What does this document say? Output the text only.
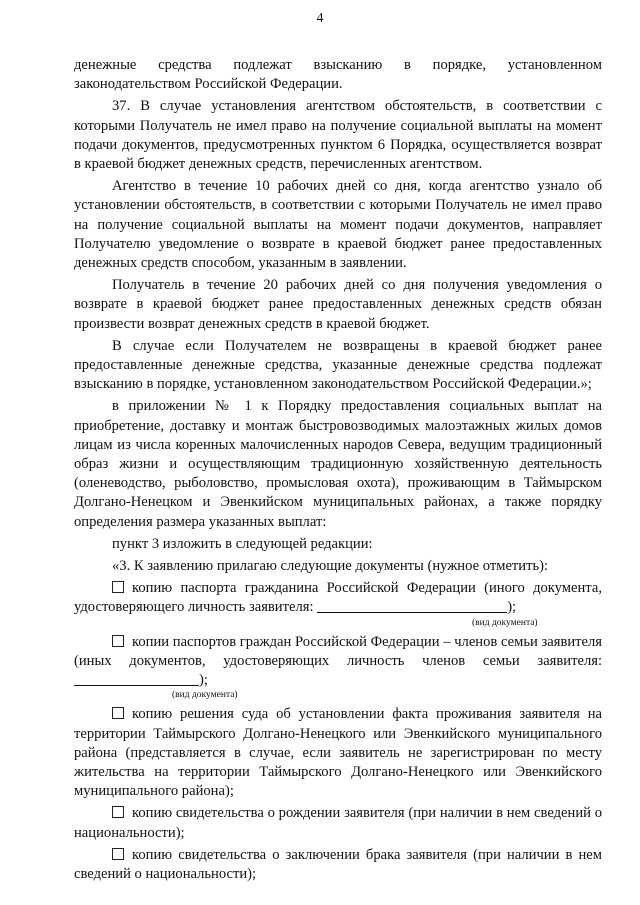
4

денежные средства подлежат взысканию в порядке, установленном законодательством Российской Федерации.

37. В случае установления агентством обстоятельств, в соответствии с которыми Получатель не имел право на получение социальной выплаты на момент подачи документов, предусмотренных пунктом 6 Порядка, осуществляется возврат в краевой бюджет денежных средств, перечисленных агентством.

Агентство в течение 10 рабочих дней со дня, когда агентство узнало об установлении обстоятельств, в соответствии с которыми Получатель не имел право на получение социальной выплаты на момент подачи документов, направляет Получателю уведомление о возврате в краевой бюджет ранее предоставленных денежных средств способом, указанным в заявлении.

Получатель в течение 20 рабочих дней со дня получения уведомления о возврате в краевой бюджет ранее предоставленных денежных средств обязан произвести возврат денежных средств в краевой бюджет.

В случае если Получателем не возвращены в краевой бюджет ранее предоставленные денежные средства, указанные денежные средства подлежат взысканию в порядке, установленном законодательством Российской Федерации.»;

в приложении № 1 к Порядку предоставления социальных выплат на приобретение, доставку и монтаж быстровозводимых малоэтажных жилых домов лицам из числа коренных малочисленных народов Севера, ведущим традиционный образ жизни и осуществляющим традиционную хозяйственную деятельность (оленеводство, рыболовство, промысловая охота), проживающим в Таймырском Долгано-Ненецком и Эвенкийском муниципальных районах, а также порядку определения размера указанных выплат:

пункт 3 изложить в следующей редакции:

«3. К заявлению прилагаю следующие документы (нужное отметить):

копию паспорта гражданина Российской Федерации (иного документа, удостоверяющего личность заявителя:	);

(вид документа)

копии паспортов граждан Российской Федерации – членов семьи заявителя (иных документов, удостоверяющих личность членов семьи заявителя: );

(вид документа)

копию решения суда об установлении факта проживания заявителя на территории Таймырского Долгано-Ненецкого или Эвенкийского муниципального района (представляется в случае, если заявитель не зарегистрирован по месту жительства на территории Таймырского Долгано-Ненецкого или Эвенкийского муниципального района);

копию свидетельства о рождении заявителя (при наличии в нем сведений о национальности);

копию свидетельства о заключении брака заявителя (при наличии в нем сведений о национальности);
